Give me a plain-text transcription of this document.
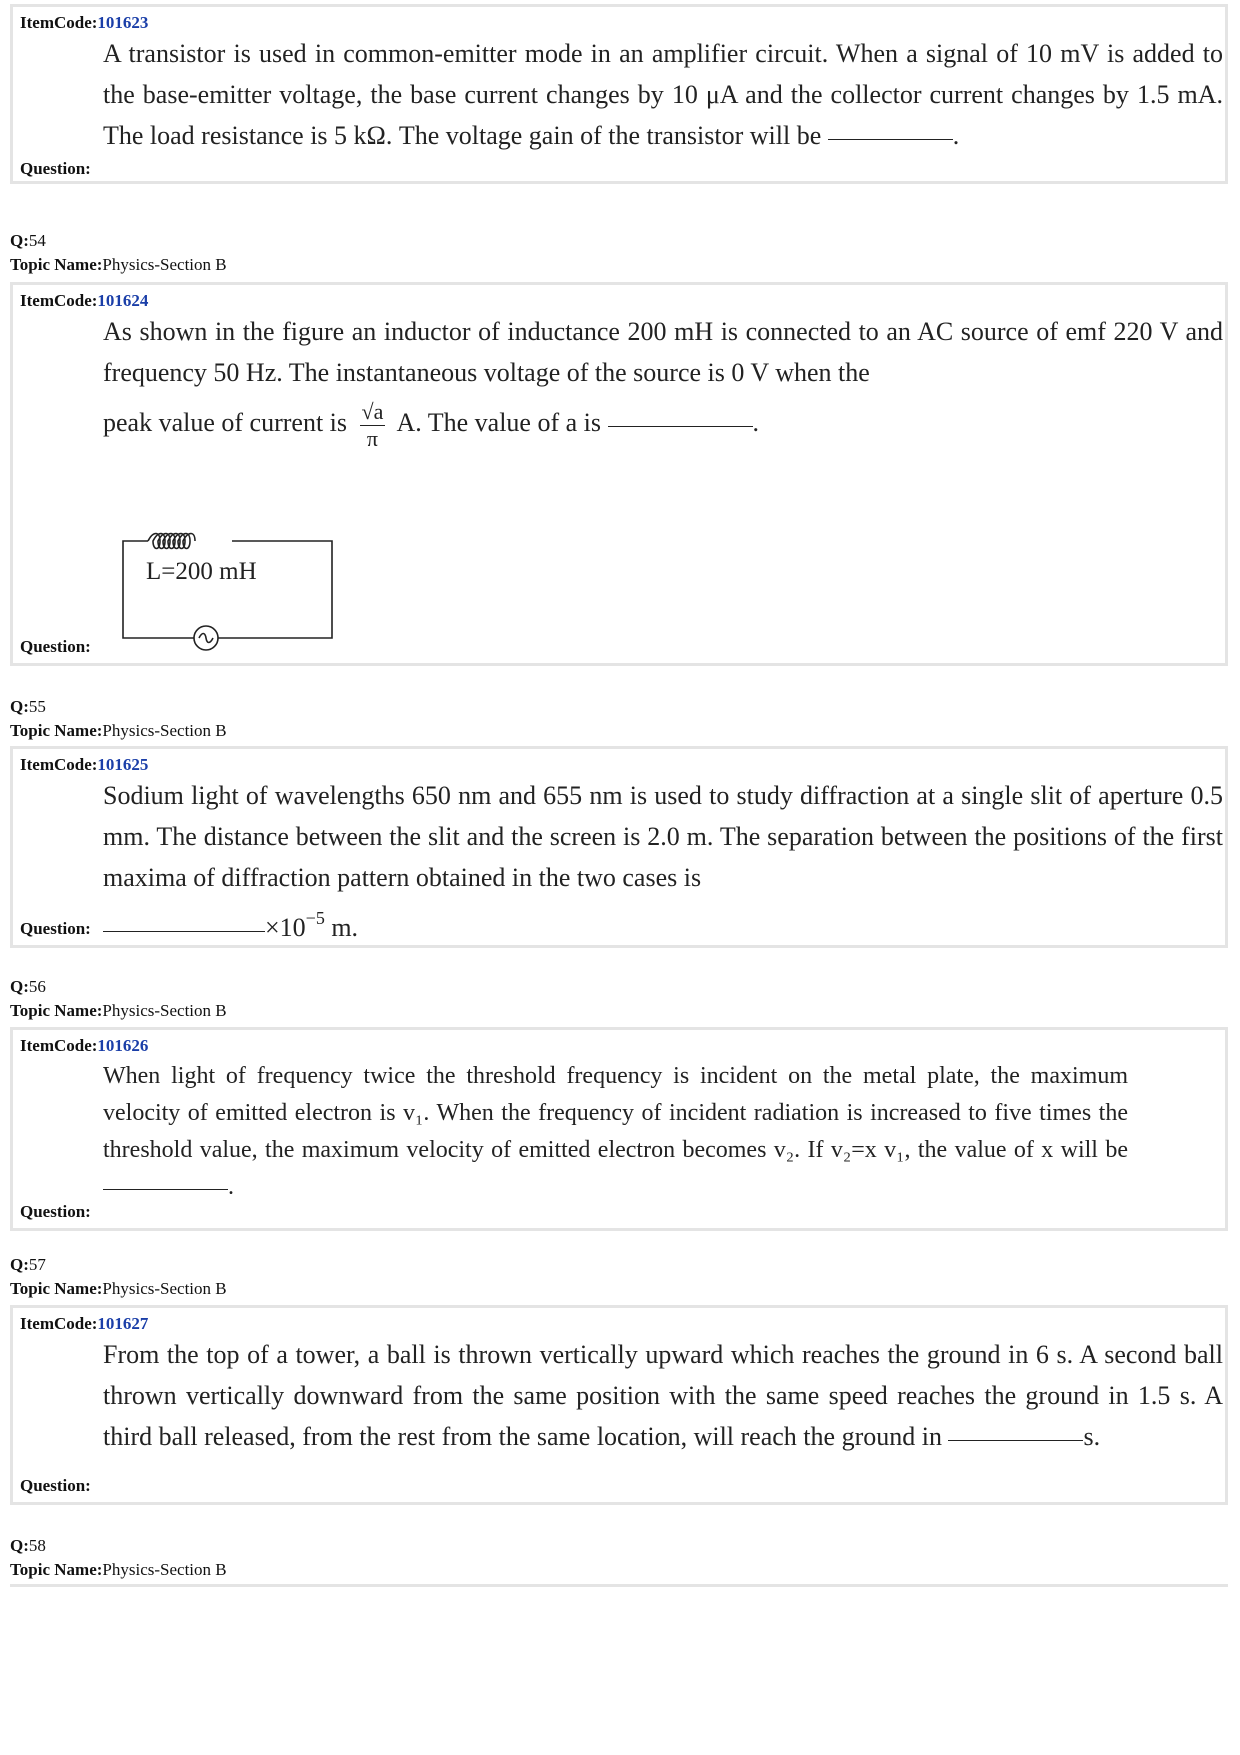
ItemCode:101623
A transistor is used in common-emitter mode in an amplifier circuit. When a signal of 10 mV is added to the base-emitter voltage, the base current changes by 10 μA and the collector current changes by 1.5 mA. The load resistance is 5 kΩ. The voltage gain of the transistor will be	.
Question:
Q:54
Topic Name:Physics-Section B
ItemCode:101624
As shown in the figure an inductor of inductance 200 mH is connected to an AC source of emf 220 V and frequency 50 Hz. The instantaneous voltage of the source is 0 V when the
peak value of current is $\frac{√a}{\pi} A$. The value of a is	.
L=200 mH
Question:
Q:55
Topic Name:Physics-Section B
ItemCode:101625
Sodium light of wavelengths 650 nm and 655 nm is used to study diffraction at a single slit of aperture 0.5 mm. The distance between the slit and the screen is 2.0 m. The separation between the positions of the first maxima of diffraction pattern obtained in the two cases is
$\times 10^{-5}$ m.
Question:
Q:56
Topic Name:Physics-Section B
ItemCode:101626
When light of frequency twice the threshold frequency is incident on the metal plate, the maximum velocity of emitted electron is v₁. When the frequency of incident radiation is increased to five times the threshold value, the maximum velocity of emitted electron becomes v₂. If v₂=x v₁, the value of x will be .
Question:
Q:57
Topic Name:Physics-Section B
ItemCode:101627
From the top of a tower, a ball is thrown vertically upward which reaches the ground in 6 s. A second ball thrown vertically downward from the same position with the same speed reaches the ground in 1.5 s. A third ball released, from the rest from the same location, will reach the ground in	s.
Question:
Q:58
Topic Name:Physics-Section B
